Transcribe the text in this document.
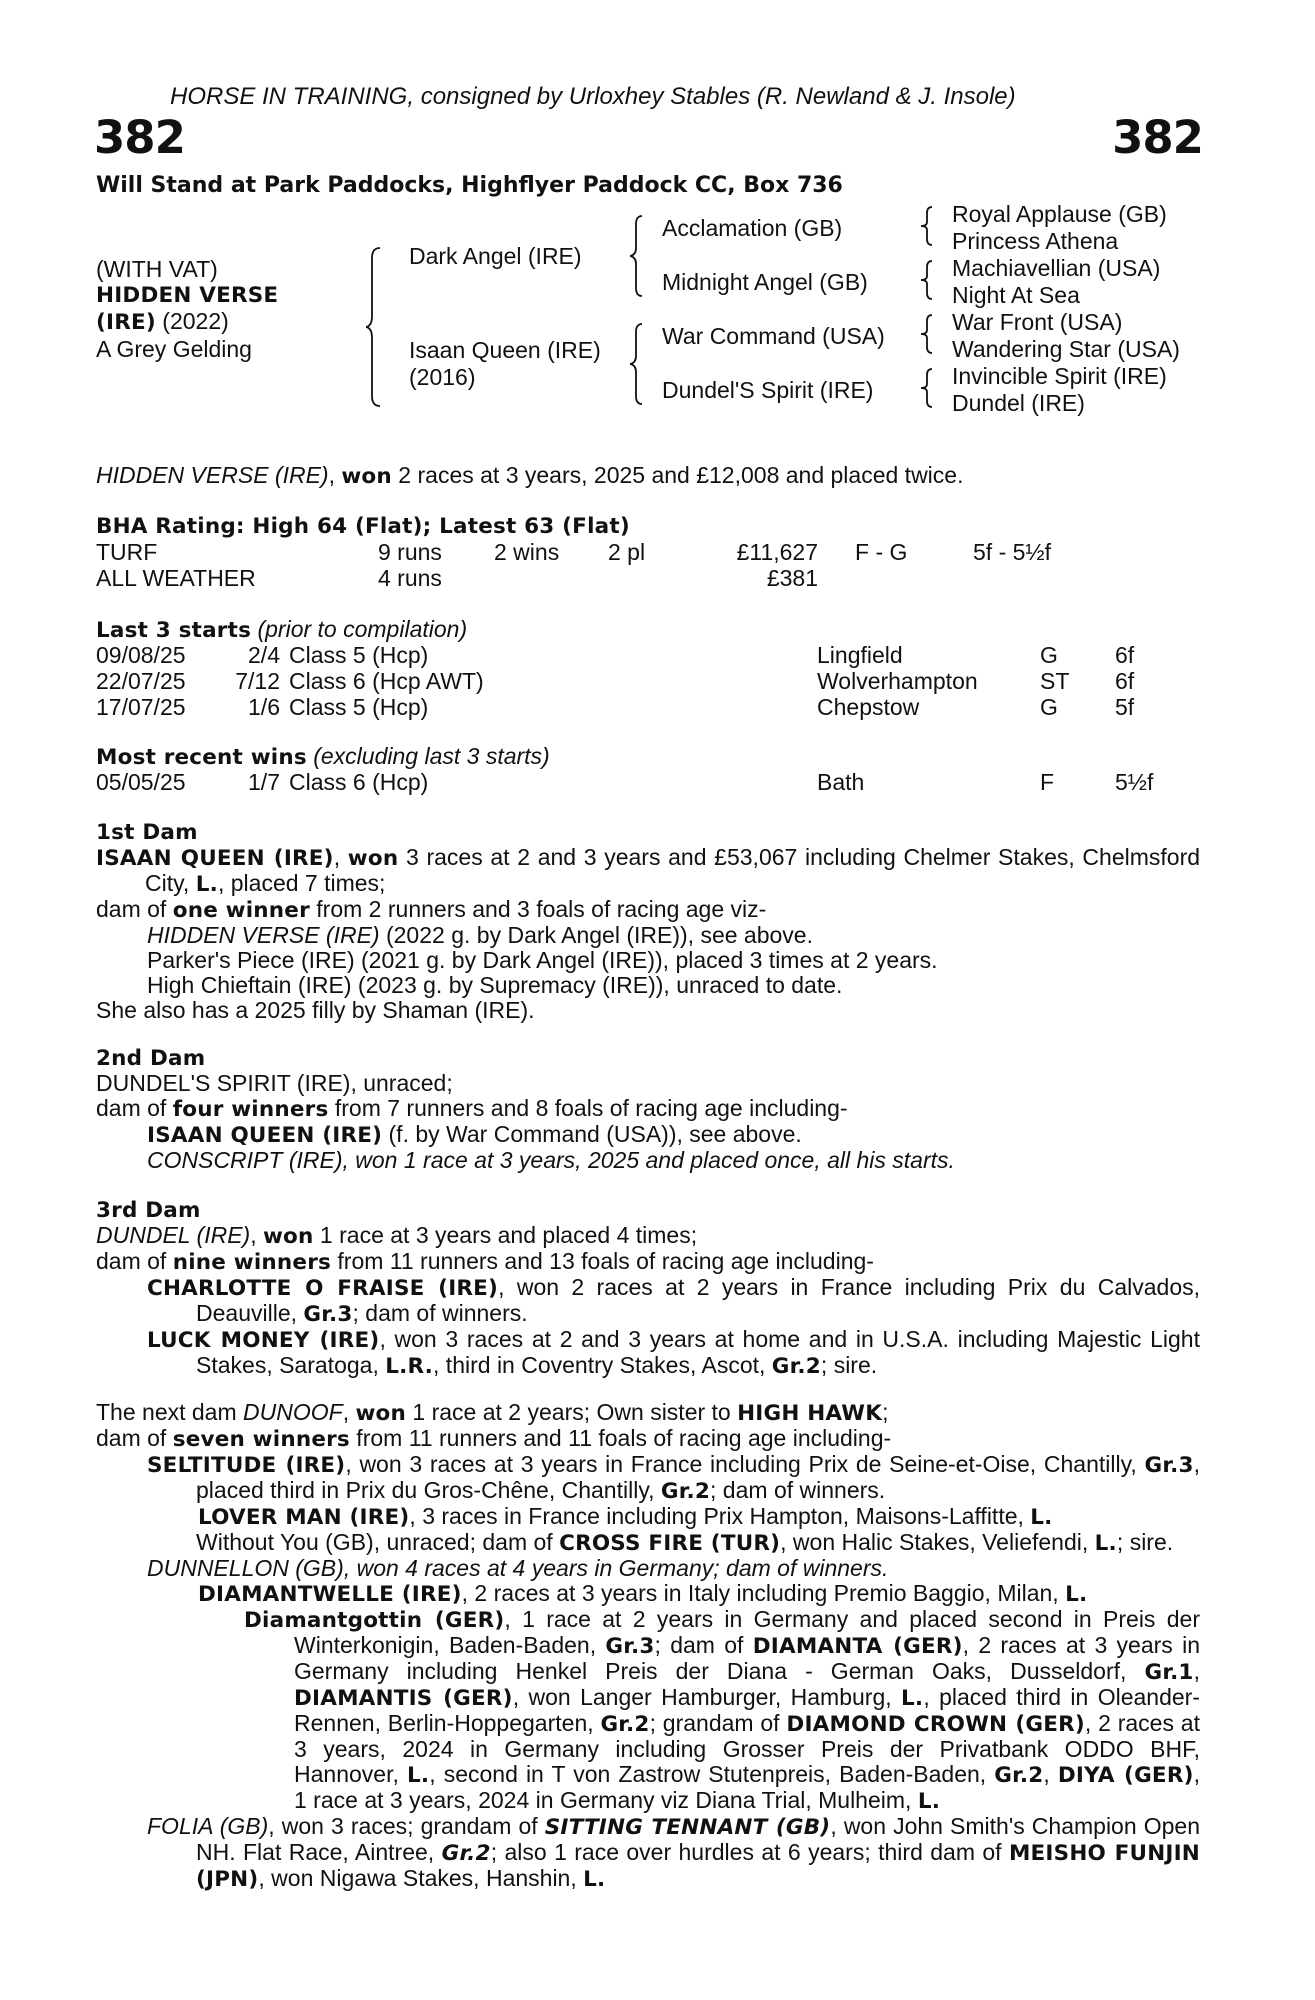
HORSE IN TRAINING, consigned by Urloxhey Stables (R. Newland & J. Insole)
382	382
Will Stand at Park Paddocks, Highflyer Paddock CC, Box 736
(WITH VAT)
HIDDEN VERSE
(IRE) (2022)
A Grey Gelding
Dark Angel (IRE)
Isaan Queen (IRE)
(2016)
Acclamation (GB)
Midnight Angel (GB)
War Command (USA)
Dundel'S Spirit (IRE)
Royal Applause (GB)
Princess Athena
Machiavellian (USA)
Night At Sea
War Front (USA)
Wandering Star (USA)
Invincible Spirit (IRE)
Dundel (IRE)
HIDDEN VERSE (IRE), won 2 races at 3 years, 2025 and £12,008 and placed twice.
BHA Rating: High 64 (Flat); Latest 63 (Flat)
TURF	9 runs 2 wins 2 pl	£11,627 F - G	5f - 5½f
ALL WEATHER	4 runs	£381
Last 3 starts (prior to compilation)
09/08/25	2/4 Class 5 (Hcp)	Lingfield	G 6f
22/07/25 7/12 Class 6 (Hcp AWT)	Wolverhampton	ST 6f
17/07/25	1/6 Class 5 (Hcp)	Chepstow	G 5f
Most recent wins (excluding last 3 starts)
05/05/25	1/7 Class 6 (Hcp)	Bath	F	5½f

1st Dam

ISAAN QUEEN (IRE), won 3 races at 2 and 3 years and £53,067 including Chelmer Stakes, Chelmsford City, L., placed 7 times;

dam of one winner from 2 runners and 3 foals of racing age viz-

HIDDEN VERSE (IRE) (2022 g. by Dark Angel (IRE)), see above.

Parker's Piece (IRE) (2021 g. by Dark Angel (IRE)), placed 3 times at 2 years.

High Chieftain (IRE) (2023 g. by Supremacy (IRE)), unraced to date.

She also has a 2025 filly by Shaman (IRE).

2nd Dam

DUNDEL'S SPIRIT (IRE), unraced;

dam of four winners from 7 runners and 8 foals of racing age including-

ISAAN QUEEN (IRE) (f. by War Command (USA)), see above.

CONSCRIPT (IRE), won 1 race at 3 years, 2025 and placed once, all his starts.

3rd Dam

DUNDEL (IRE), won 1 race at 3 years and placed 4 times;

dam of nine winners from 11 runners and 13 foals of racing age including-

CHARLOTTE O FRAISE (IRE), won 2 races at 2 years in France including Prix du Calvados, Deauville, Gr.3; dam of winners.

LUCK MONEY (IRE), won 3 races at 2 and 3 years at home and in U.S.A. including Majestic Light Stakes, Saratoga, L.R., third in Coventry Stakes, Ascot, Gr.2; sire.

The next dam DUNOOF, won 1 race at 2 years; Own sister to HIGH HAWK;

dam of seven winners from 11 runners and 11 foals of racing age including-

SELTITUDE (IRE), won 3 races at 3 years in France including Prix de Seine-et-Oise, Chantilly, Gr.3, placed third in Prix du Gros-Chêne, Chantilly, Gr.2; dam of winners.

LOVER MAN (IRE), 3 races in France including Prix Hampton, Maisons-Laffitte, L.

Without You (GB), unraced; dam of CROSS FIRE (TUR), won Halic Stakes, Veliefendi, L.; sire.

DUNNELLON (GB), won 4 races at 4 years in Germany; dam of winners.

DIAMANTWELLE (IRE), 2 races at 3 years in Italy including Premio Baggio, Milan, L.

Diamantgottin (GER), 1 race at 2 years in Germany and placed second in Preis der Winterkonigin, Baden-Baden, Gr.3; dam of DIAMANTA (GER), 2 races at 3 years in Germany including Henkel Preis der Diana - German Oaks, Dusseldorf, Gr.1, DIAMANTIS (GER), won Langer Hamburger, Hamburg, L., placed third in Oleander-Rennen, Berlin-Hoppegarten, Gr.2; grandam of DIAMOND CROWN (GER), 2 races at 3 years, 2024 in Germany including Grosser Preis der Privatbank ODDO BHF, Hannover, L., second in T von Zastrow Stutenpreis, Baden-Baden, Gr.2, DIYA (GER), 1 race at 3 years, 2024 in Germany viz Diana Trial, Mulheim, L.

FOLIA (GB), won 3 races; grandam of SITTING TENNANT (GB), won John Smith's Champion Open NH. Flat Race, Aintree, Gr.2; also 1 race over hurdles at 6 years; third dam of MEISHO FUNJIN (JPN), won Nigawa Stakes, Hanshin, L.
